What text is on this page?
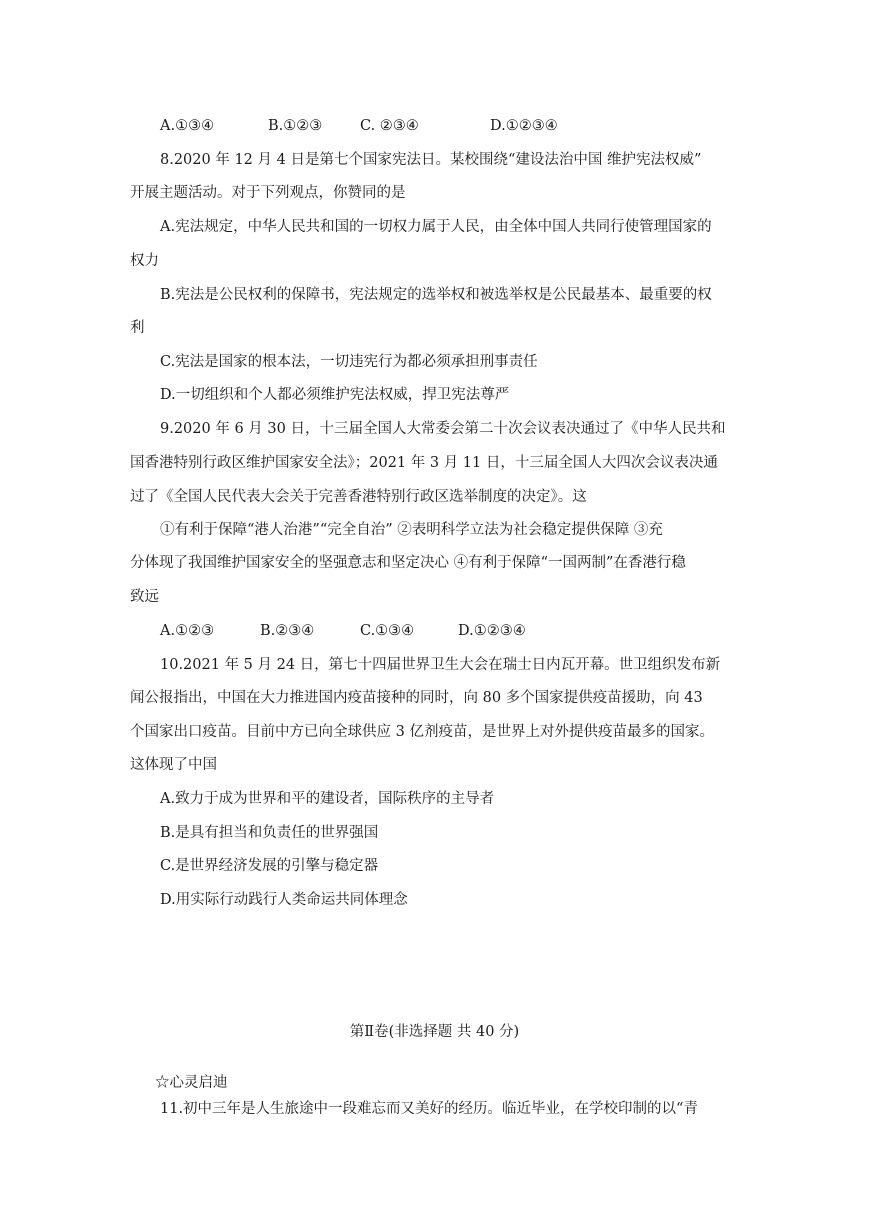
A.①③④	B.①②③	C. ②③④	D.①②③④
8.2020 年 12 月 4 日是第七个国家宪法日。某校围绕“建设法治中国 维护宪法权威”
开展主题活动。对于下列观点，你赞同的是
A.宪法规定，中华人民共和国的一切权力属于人民，由全体中国人共同行使管理国家的
权力
B.宪法是公民权利的保障书，宪法规定的选举权和被选举权是公民最基本、最重要的权
利
C.宪法是国家的根本法，一切违宪行为都必须承担刑事责任
D.一切组织和个人都必须维护宪法权威，捍卫宪法尊严
9.2020 年 6 月 30 日，十三届全国人大常委会第二十次会议表决通过了《中华人民共和
国香港特别行政区维护国家安全法》；2021 年 3 月 11 日，十三届全国人大四次会议表决通
过了《全国人民代表大会关于完善香港特别行政区选举制度的决定》。这
①有利于保障“港人治港”“完全自治” ②表明科学立法为社会稳定提供保障 ③充
分体现了我国维护国家安全的坚强意志和坚定决心 ④有利于保障“一国两制”在香港行稳
致远
A.①②③	B.②③④	C.①③④	D.①②③④
10.2021 年 5 月 24 日，第七十四届世界卫生大会在瑞士日内瓦开幕。世卫组织发布新
闻公报指出，中国在大力推进国内疫苗接种的同时，向 80 多个国家提供疫苗援助，向 43
个国家出口疫苗。目前中方已向全球供应 3 亿剂疫苗，是世界上对外提供疫苗最多的国家。
这体现了中国
A.致力于成为世界和平的建设者，国际秩序的主导者
B.是具有担当和负责任的世界强国
C.是世界经济发展的引擎与稳定器
D.用实际行动践行人类命运共同体理念
第Ⅱ卷(非选择题 共 40 分)
☆心灵启迪
11.初中三年是人生旅途中一段难忘而又美好的经历。临近毕业，在学校印制的以“青
